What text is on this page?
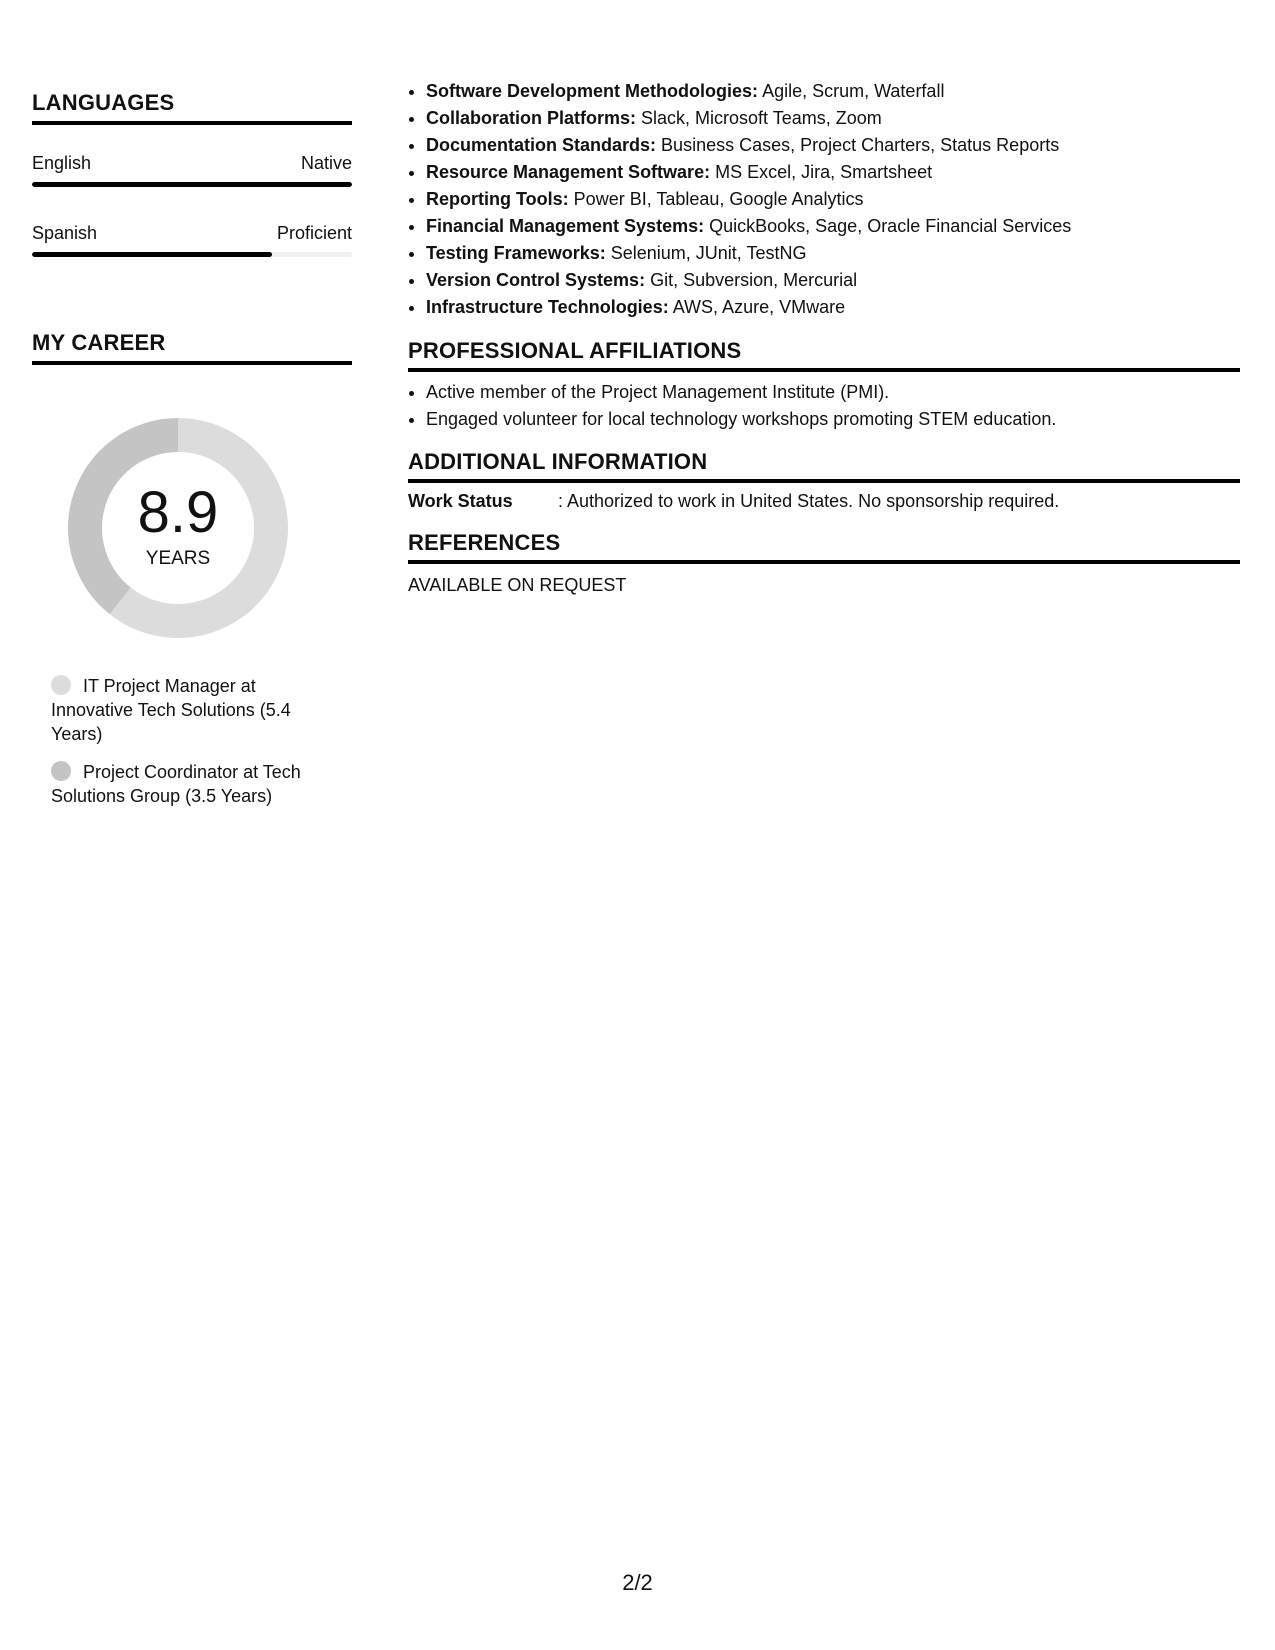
LANGUAGES
English	Native
Spanish	Proficient
MY CAREER
8.9
YEARS
IT Project Manager at Innovative Tech Solutions (5.4 Years)
Project Coordinator at Tech Solutions Group (3.5 Years)
• Software Development Methodologies: Agile, Scrum, Waterfall
• Collaboration Platforms: Slack, Microsoft Teams, Zoom
• Documentation Standards: Business Cases, Project Charters, Status Reports
• Resource Management Software: MS Excel, Jira, Smartsheet
• Reporting Tools: Power BI, Tableau, Google Analytics
• Financial Management Systems: QuickBooks, Sage, Oracle Financial Services
• Testing Frameworks: Selenium, JUnit, TestNG
• Version Control Systems: Git, Subversion, Mercurial
• Infrastructure Technologies: AWS, Azure, VMware
PROFESSIONAL AFFILIATIONS
• Active member of the Project Management Institute (PMI).
• Engaged volunteer for local technology workshops promoting STEM education.
ADDITIONAL INFORMATION
Work Status	: Authorized to work in United States. No sponsorship required.
REFERENCES
AVAILABLE ON REQUEST
2/2
